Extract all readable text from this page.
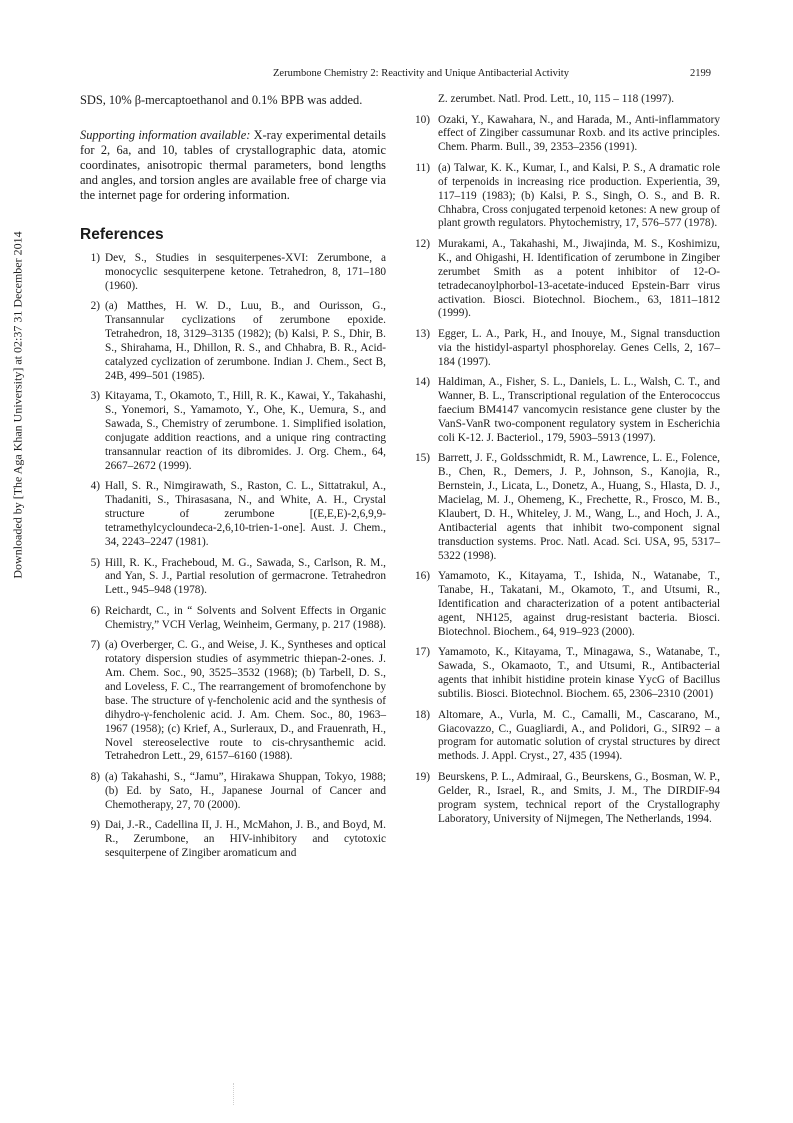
Zerumbone Chemistry 2: Reactivity and Unique Antibacterial Activity	2199
Downloaded by [The Aga Khan University] at 02:37 31 December 2014

SDS, 10% β-mercaptoethanol and 0.1% BPB was added.

Supporting information available: X-ray experimental details for 2, 6a, and 10, tables of crystallographic data, atomic coordinates, anisotropic thermal parameters, bond lengths and angles, and torsion angles are available free of charge via the internet page for ordering information.

References
1) Dev, S., Studies in sesquiterpenes-XVI: Zerumbone, a monocyclic sesquiterpene ketone. Tetrahedron, 8, 171–180 (1960).
2) (a) Matthes, H. W. D., Luu, B., and Ourisson, G., Transannular cyclizations of zerumbone epoxide. Tetrahedron, 18, 3129–3135 (1982); (b) Kalsi, P. S., Dhir, B. S., Shirahama, H., Dhillon, R. S., and Chhabra, B. R., Acid-catalyzed cyclization of zerumbone. Indian J. Chem., Sect B, 24B, 499–501 (1985).
3) Kitayama, T., Okamoto, T., Hill, R. K., Kawai, Y., Takahashi, S., Yonemori, S., Yamamoto, Y., Ohe, K., Uemura, S., and Sawada, S., Chemistry of zerumbone. 1. Simplified isolation, conjugate addition reactions, and a unique ring contracting transannular reaction of its dibromides. J. Org. Chem., 64, 2667–2672 (1999).
4) Hall, S. R., Nimgirawath, S., Raston, C. L., Sittatrakul, A., Thadaniti, S., Thirasasana, N., and White, A. H., Crystal structure of zerumbone [(E,E,E)-2,6,9,9-tetramethylcycloundeca-2,6,10-trien-1-one]. Aust. J. Chem., 34, 2243–2247 (1981).
5) Hill, R. K., Fracheboud, M. G., Sawada, S., Carlson, R. M., and Yan, S. J., Partial resolution of germacrone. Tetrahedron Lett., 945–948 (1978).
6) Reichardt, C., in “ Solvents and Solvent Effects in Organic Chemistry,” VCH Verlag, Weinheim, Germany, p. 217 (1988).
7) (a) Overberger, C. G., and Weise, J. K., Syntheses and optical rotatory dispersion studies of asymmetric thiepan-2-ones. J. Am. Chem. Soc., 90, 3525–3532 (1968); (b) Tarbell, D. S., and Loveless, F. C., The rearrangement of bromofenchone by base. The structure of γ-fencholenic acid and the synthesis of dihydro-γ-fencholenic acid. J. Am. Chem. Soc., 80, 1963–1967 (1958); (c) Krief, A., Surleraux, D., and Frauenrath, H., Novel stereoselective route to cis-chrysanthemic acid. Tetrahedron Lett., 29, 6157–6160 (1988).
8) (a) Takahashi, S., “Jamu”, Hirakawa Shuppan, Tokyo, 1988; (b) Ed. by Sato, H., Japanese Journal of Cancer and Chemotherapy, 27, 70 (2000).
9) Dai, J.-R., Cadellina II, J. H., McMahon, J. B., and Boyd, M. R., Zerumbone, an HIV-inhibitory and cytotoxic sesquiterpene of Zingiber aromaticum and
Z. zerumbet. Natl. Prod. Lett., 10, 115 – 118 (1997).
10) Ozaki, Y., Kawahara, N., and Harada, M., Anti-inflammatory effect of Zingiber cassumunar Roxb. and its active principles. Chem. Pharm. Bull., 39, 2353–2356 (1991).
11) (a) Talwar, K. K., Kumar, I., and Kalsi, P. S., A dramatic role of terpenoids in increasing rice production. Experientia, 39, 117–119 (1983); (b) Kalsi, P. S., Singh, O. S., and B. R. Chhabra, Cross conjugated terpenoid ketones: A new group of plant growth regulators. Phytochemistry, 17, 576–577 (1978).
12) Murakami, A., Takahashi, M., Jiwajinda, M. S., Koshimizu, K., and Ohigashi, H. Identification of zerumbone in Zingiber zerumbet Smith as a potent inhibitor of 12-O-tetradecanoylphorbol-13-acetate-induced Epstein-Barr virus activation. Biosci. Biotechnol. Biochem., 63, 1811–1812 (1999).
13) Egger, L. A., Park, H., and Inouye, M., Signal transduction via the histidyl-aspartyl phosphorelay. Genes Cells, 2, 167–184 (1997).
14) Haldiman, A., Fisher, S. L., Daniels, L. L., Walsh, C. T., and Wanner, B. L., Transcriptional regulation of the Enterococcus faecium BM4147 vancomycin resistance gene cluster by the VanS-VanR two-component regulatory system in Escherichia coli K-12. J. Bacteriol., 179, 5903–5913 (1997).
15) Barrett, J. F., Goldsschmidt, R. M., Lawrence, L. E., Folence, B., Chen, R., Demers, J. P., Johnson, S., Kanojia, R., Bernstein, J., Licata, L., Donetz, A., Huang, S., Hlasta, D. J., Macielag, M. J., Ohemeng, K., Frechette, R., Frosco, M. B., Klaubert, D. H., Whiteley, J. M., Wang, L., and Hoch, J. A., Antibacterial agents that inhibit two-component signal transduction systems. Proc. Natl. Acad. Sci. USA, 95, 5317–5322 (1998).
16) Yamamoto, K., Kitayama, T., Ishida, N., Watanabe, T., Tanabe, H., Takatani, M., Okamoto, T., and Utsumi, R., Identification and characterization of a potent antibacterial agent, NH125, against drug-resistant bacteria. Biosci. Biotechnol. Biochem., 64, 919–923 (2000).
17) Yamamoto, K., Kitayama, T., Minagawa, S., Watanabe, T., Sawada, S., Okamaoto, T., and Utsumi, R., Antibacterial agents that inhibit histidine protein kinase YycG of Bacillus subtilis. Biosci. Biotechnol. Biochem. 65, 2306–2310 (2001)
18) Altomare, A., Vurla, M. C., Camalli, M., Cascarano, M., Giacovazzo, C., Guagliardi, A., and Polidori, G., SIR92 – a program for automatic solution of crystal structures by direct methods. J. Appl. Cryst., 27, 435 (1994).
19) Beurskens, P. L., Admiraal, G., Beurskens, G., Bosman, W. P., Gelder, R., Israel, R., and Smits, J. M., The DIRDIF-94 program system, technical report of the Crystallography Laboratory, University of Nijmegen, The Netherlands, 1994.
